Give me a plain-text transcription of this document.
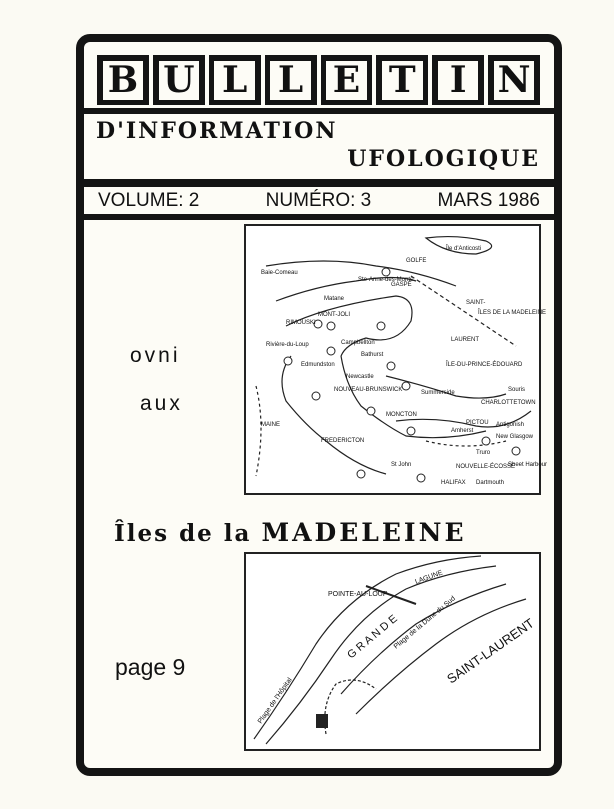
B U L L E T I N
D'INFORMATION
UFOLOGIQUE
VOLUME: 2	NUMÉRO: 3	MARS 1986
ovni
aux
GOLFE
Île d'Anticosti
SAINT-
LAURENT
ÎLES DE LA MADELEINE
GASPÉ
Ste-Anne-des-Monts
Matane
MONT-JOLI
RIMOUSKI
Rivière-du-Loup	Campbellton
Bathurst
Edmundston
Newcastle
NOUVEAU-BRUNSWICK
MONCTON
MAINE
FREDERICTON
St John
ÎLE-DU-PRINCE-ÉDOUARD
CHARLOTTETOWN
Souris
PICTOU Antigonish
New Glasgow
Amherst
Truro
NOUVELLE-ÉCOSSE
HALIFAX Dartmouth
Sheet Harbour
Baie-Comeau
Summerside
Îles de la MADELEINE
page 9	SAINT-LAURENT
G R A N D E
POINTE-AU-LOUP
Plage de la Dune du Sud
LAGUNE
Plage de l'Hôpital
